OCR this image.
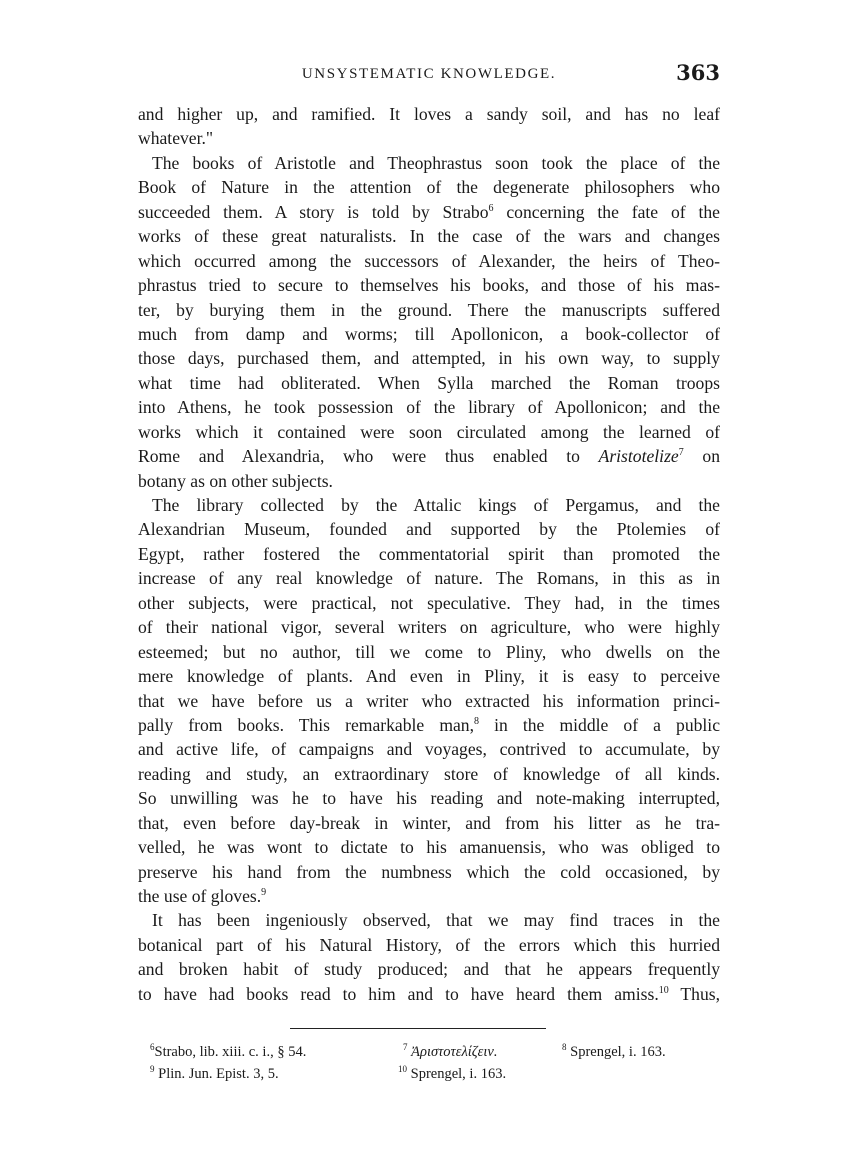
UNSYSTEMATIC KNOWLEDGE.	363
and higher up, and ramified. It loves a sandy soil, and has no leaf
whatever."
The books of Aristotle and Theophrastus soon took the place of the
Book of Nature in the attention of the degenerate philosophers who
succeeded them. A story is told by Strabo$^6$ concerning the fate of the
works of these great naturalists. In the case of the wars and changes
which occurred among the successors of Alexander, the heirs of Theo-
phrastus tried to secure to themselves his books, and those of his mas-
ter, by burying them in the ground. There the manuscripts suffered
much from damp and worms; till Apollonicon, a book-collector of
those days, purchased them, and attempted, in his own way, to supply
what time had obliterated. When Sylla marched the Roman troops
into Athens, he took possession of the library of Apollonicon; and the
works which it contained were soon circulated among the learned of
Rome and Alexandria, who were thus enabled to Aristotelize$^7$ on
botany as on other subjects.
The library collected by the Attalic kings of Pergamus, and the
Alexandrian Museum, founded and supported by the Ptolemies of
Egypt, rather fostered the commentatorial spirit than promoted the
increase of any real knowledge of nature. The Romans, in this as in
other subjects, were practical, not speculative. They had, in the times
of their national vigor, several writers on agriculture, who were highly
esteemed; but no author, till we come to Pliny, who dwells on the
mere knowledge of plants. And even in Pliny, it is easy to perceive
that we have before us a writer who extracted his information princi-
pally from books. This remarkable man,$^8$ in the middle of a public
and active life, of campaigns and voyages, contrived to accumulate, by
reading and study, an extraordinary store of knowledge of all kinds.
So unwilling was he to have his reading and note-making interrupted,
that, even before day-break in winter, and from his litter as he tra-
velled, he was wont to dictate to his amanuensis, who was obliged to
preserve his hand from the numbness which the cold occasioned, by
the use of gloves.$^9$
It has been ingeniously observed, that we may find traces in the
botanical part of his Natural History, of the errors which this hurried
and broken habit of study produced; and that he appears frequently
to have had books read to him and to have heard them amiss.$^{10}$ Thus,
$^6$Strabo, lib. xiii. c. i., § 54.	$^7$ Ἀριστοτελίζειν.	$^8$ Sprengel, i. 163.
$^9$ Plin. Jun. Epist. 3, 5.	$^{10}$ Sprengel, i. 163.
